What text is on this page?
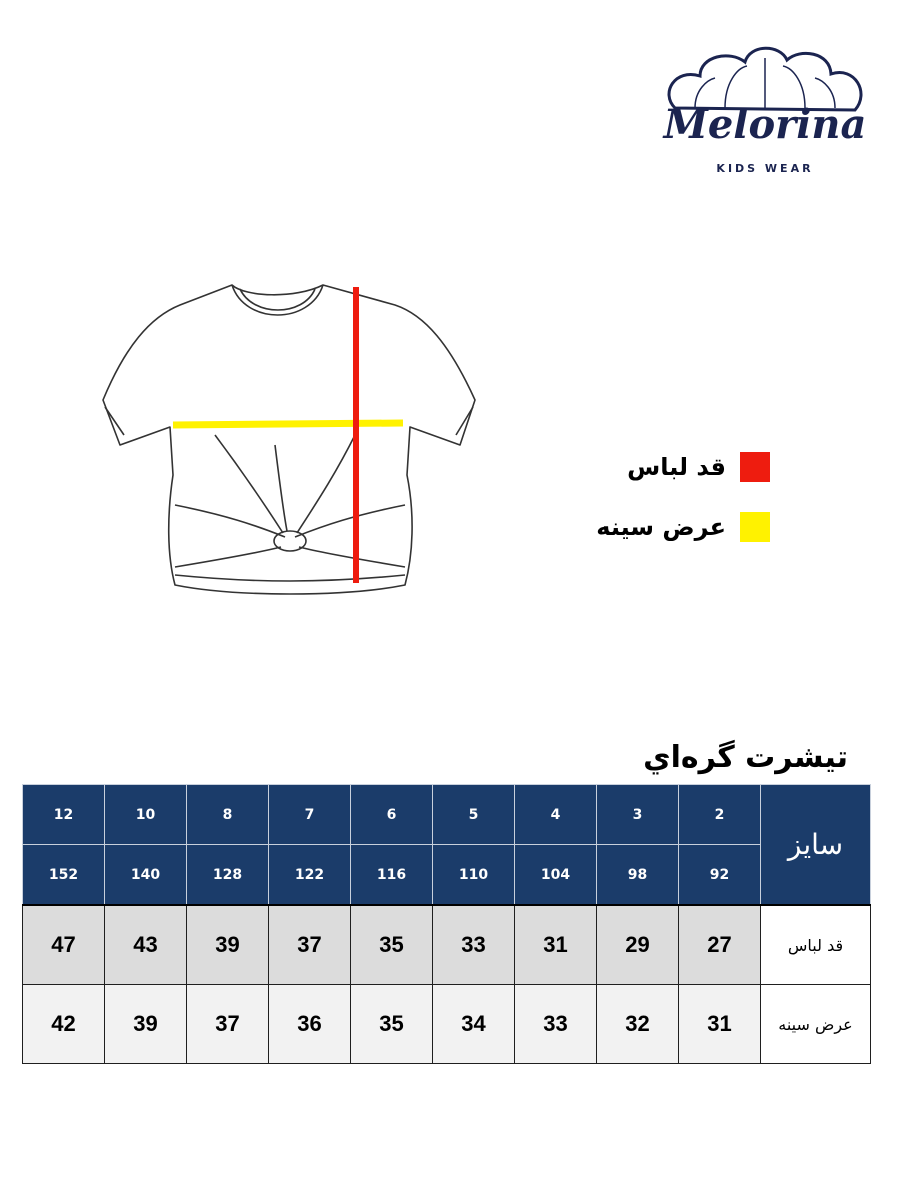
Melorina
KIDS WEAR
قد لباس
عرض سينه
تيشرت گره‌اي
12	10	8	7	6	5	4	3	2	سايز
152	140	128	122	116	110	104	98	92	
47	43	39	37	35	33	31	29	27	قد لباس
42	39	37	36	35	34	33	32	31	عرض سينه
